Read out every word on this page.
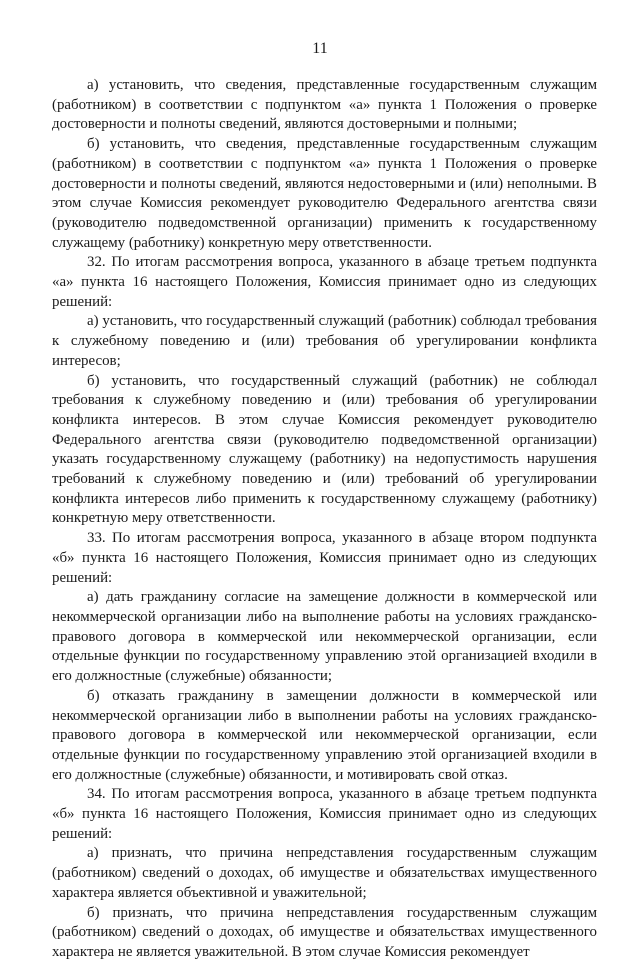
11

а) установить, что сведения, представленные государственным служащим (работником) в соответствии с подпунктом «а» пункта 1 Положения о проверке достоверности и полноты сведений, являются достоверными и полными;

б) установить, что сведения, представленные государственным служащим (работником) в соответствии с подпунктом «а» пункта 1 Положения о проверке достоверности и полноты сведений, являются недостоверными и (или) неполными. В этом случае Комиссия рекомендует руководителю Федерального агентства связи (руководителю подведомственной организации) применить к государственному служащему (работнику) конкретную меру ответственности.

32. По итогам рассмотрения вопроса, указанного в абзаце третьем подпункта «а» пункта 16 настоящего Положения, Комиссия принимает одно из следующих решений:

а) установить, что государственный служащий (работник) соблюдал требования к служебному поведению и (или) требования об урегулировании конфликта интересов;

б) установить, что государственный служащий (работник) не соблюдал требования к служебному поведению и (или) требования об урегулировании конфликта интересов. В этом случае Комиссия рекомендует руководителю Федерального агентства связи (руководителю подведомственной организации) указать государственному служащему (работнику) на недопустимость нарушения требований к служебному поведению и (или) требований об урегулировании конфликта интересов либо применить к государственному служащему (работнику) конкретную меру ответственности.

33. По итогам рассмотрения вопроса, указанного в абзаце втором подпункта «б» пункта 16 настоящего Положения, Комиссия принимает одно из следующих решений:

а) дать гражданину согласие на замещение должности в коммерческой или некоммерческой организации либо на выполнение работы на условиях гражданско-правового договора в коммерческой или некоммерческой организации, если отдельные функции по государственному управлению этой организацией входили в его должностные (служебные) обязанности;

б) отказать гражданину в замещении должности в коммерческой или некоммерческой организации либо в выполнении работы на условиях гражданско-правового договора в коммерческой или некоммерческой организации, если отдельные функции по государственному управлению этой организацией входили в его должностные (служебные) обязанности, и мотивировать свой отказ.

34. По итогам рассмотрения вопроса, указанного в абзаце третьем подпункта «б» пункта 16 настоящего Положения, Комиссия принимает одно из следующих решений:

а) признать, что причина непредставления государственным служащим (работником) сведений о доходах, об имуществе и обязательствах имущественного характера является объективной и уважительной;

б) признать, что причина непредставления государственным служащим (работником) сведений о доходах, об имуществе и обязательствах имущественного характера не является уважительной. В этом случае Комиссия рекомендует
